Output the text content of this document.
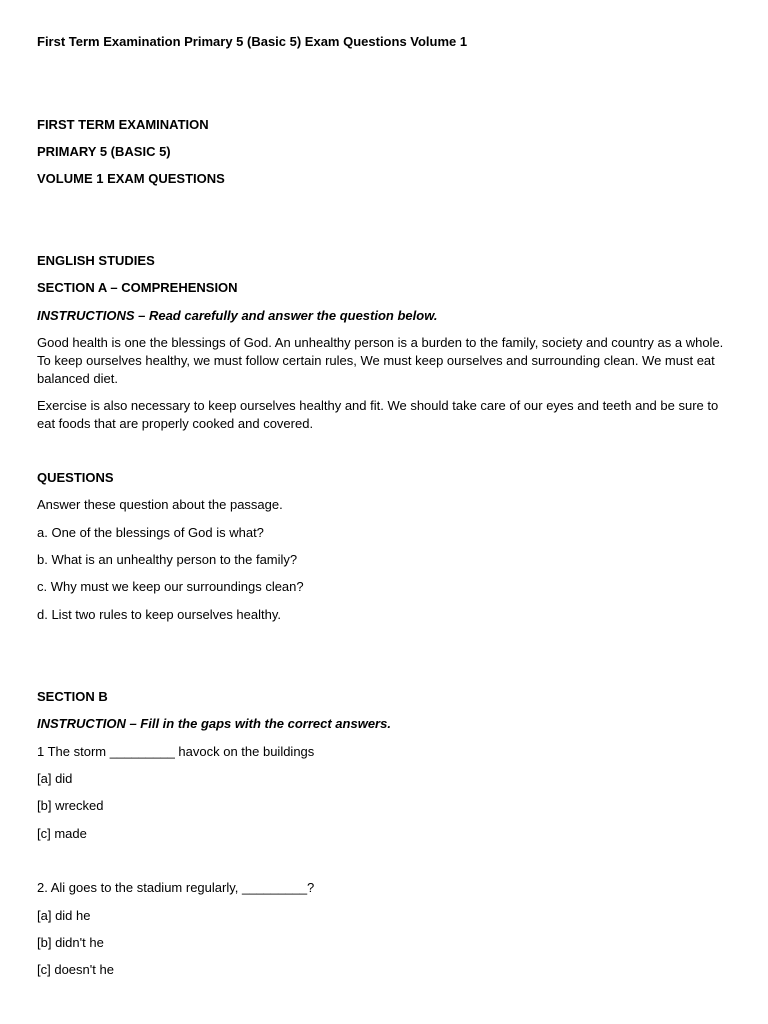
First Term Examination Primary 5 (Basic 5) Exam Questions Volume 1

FIRST TERM EXAMINATION

PRIMARY 5 (BASIC 5)

VOLUME 1 EXAM QUESTIONS

ENGLISH STUDIES

SECTION A – COMPREHENSION

INSTRUCTIONS – Read carefully and answer the question below.

Good health is one the blessings of God. An unhealthy person is a burden to the family, society and country as a whole. To keep ourselves healthy, we must follow certain rules, We must keep ourselves and surrounding clean. We must eat balanced diet.

Exercise is also necessary to keep ourselves healthy and fit. We should take care of our eyes and teeth and be sure to eat foods that are properly cooked and covered.

QUESTIONS

Answer these question about the passage.

a. One of the blessings of God is what?

b. What is an unhealthy person to the family?

c. Why must we keep our surroundings clean?

d. List two rules to keep ourselves healthy.

SECTION B

INSTRUCTION – Fill in the gaps with the correct answers.

1 The storm _________ havock on the buildings

[a] did

[b] wrecked

[c] made

2. Ali goes to the stadium regularly, _________?

[a] did he

[b] didn't he

[c] doesn't he
